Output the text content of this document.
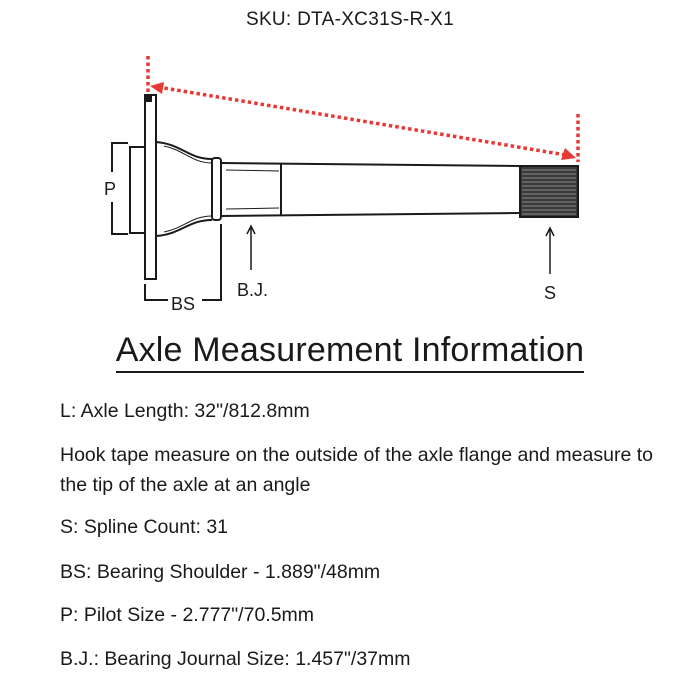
SKU: DTA-XC31S-R-X1
P
BS
B.J.	S
Axle Measurement Information
L: Axle Length: 32"/812.8mm
Hook tape measure on the outside of the axle flange and measure to the tip of the axle at an angle
S: Spline Count: 31
BS: Bearing Shoulder - 1.889"/48mm
P: Pilot Size - 2.777"/70.5mm
B.J.: Bearing Journal Size: 1.457"/37mm
